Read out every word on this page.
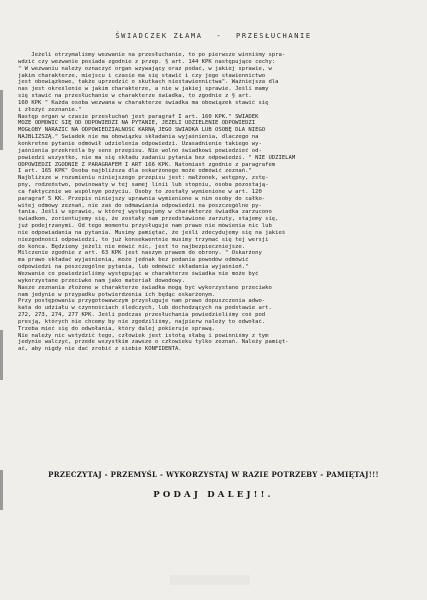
ŚWIADCZEK ZŁAMA - PRZESŁUCHANIE
Jeżeli otrzymaliśmy wezwanie na przesłuchanie, to po pierwsze winniśmy spra-
wdzić czy wezwanie posiada zgodnie z przep. § art. 144 KPK następujące cechy:
" W wezwaniu należy oznaczyć organ wzywający oraz podać, w jakiej sprawie, w
jakim charakterze, miejscu i czasie ma się stawić i czy jego stawiennictwo
jest obowiązkowe, także uprzedzić o skutkach niestawiennictwa". Ważniejsza dla
nas jest określenie w jakim charakterze, a nie w jakiej sprawie. Jeśli mamy
się stawić na przesłuchanie w charakterze świadka, to zgodnie z § art.
160 KPK " Każda osoba wezwana w charakterze świadka ma obowiązek stawić się
i złożyć zeznanie."
Następ organ w czasie przesłuchań jest paragraf I art. 160 KPK." ŚWIADEK
MOŻE ODMÓWIĆ SIĘ OD ODPOWIEDZI NA PYTANIE, JEŻELI UDZIELENIE ODPOWIEDZI
MOGŁOBY NARAZIĆ NA ODPOWIEDZIALNOŚĆ KARNĄ JEGO ŚWIADKA LUB OSOBĘ DLA NIEGO
NAJBLIŻSZĄ." Świadek nie ma obowiązku składania wyjaśnienia, dlaczego na
konkretne pytanie odmówił udzielenia odpowiedzi. Uzasadnienie takiego wy-
jaśnienia przekreśla by sens przepisu. Nie wolno świadkowi powiedzieć od-
powiedzi wszystko, nie ma się składu zadaniu pytania bez odpowiedzi. " NIE UDZIELAM
ODPOWIEDZI ZGODNIE Z PARAGRAFEM I ART 166 KPK. Natomiast zgodnie z paragrafem
I art. 165 KPK" Osoba najbliższa dla oskarżonego może odmówić zeznań."
Najbliższe w rozumieniu niniejszego przepisu jest: małżonek, wstępny, zstę-
pny, rodzeństwo, powinowaty w tej samej linii lub stopniu, osoba pozostają-
ca faktycznie we wspólnym pożyciu. Osoby to zostały wymienione w art. 120
paragraf 5 KK. Przepis niniejszy uprawnia wymienione w nim osoby do całko-
witej odmowy zeznań, nie zaś do odmawiania odpowiedzi na poszczególne py-
tania. Jeśli w sprawie, w której występujemy w charakterze świadka zarzucono
świadkom, zorientujemy się, że zostały nam przedstawione zarzuty, stajemy się,
już podejrzanymi. Od tego momentu przysługuje nam prawo nie mówienia nic lub
nie odpowiadania na pytania. Musimy pamiętać, że jeśli zdecydujemy się na jakieś
niezgodności odpowiedzi, to już konsekwentnie musimy trzymać się tej wersji
do końca. Będziemy jeżeli nie mówić nic, jest to najbezpieczniejsze.
Milczenie zgodnie z art. 63 KPK jest naszym prawem do obrony. " Oskarżony
ma prawo składać wyjaśnienia, może jednak bez podania powodów odmówić
odpowiedzi na poszczególne pytania, lub odmówić składania wyjaśnień."
Wezwanie co powiedzieliśmy występując w charakterze świadka nie może być
wykorzystane przeciwko nam jako materiał dowodowy.
Nasze zeznania złożone w charakterze świadka mogą być wykorzystane przeciwko
nam jedynie w przypadku potwierdzenia ich będąc oskarżonym.
Przy postępowaniu przygotowawczym przysługuje nam prawo dopuszczenia adwo-
kata do udziału w czynnościach śledczych, lub dochodzących na podstawie art.
272, 273, 274, 277 KPK. Jeśli podczas przesłuchania powiedzieliśmy coś pod
presją, których nie chcemy by nie zgodziliśmy, najpierw należy to odwołać.
Trzeba mieć się do odwołania, który dalej pokieruje sprawą.
Nie należy nic wstydzić tego, człowiek jest istotą słabą i powinniśmy z tym
jedynie walczyć, przede wszystkim zawsze o człowieku tylko zeznań. Należy pamięt-
ać, aby nigdy nie dać zrobić z siebie KONFIDENTA.
PRZECZYTAJ - PRZEMYŚL - WYKORZYSTAJ W RAZIE POTRZEBY - PAMIĘTAJ!!!
PODAJ DALEJ!!.
